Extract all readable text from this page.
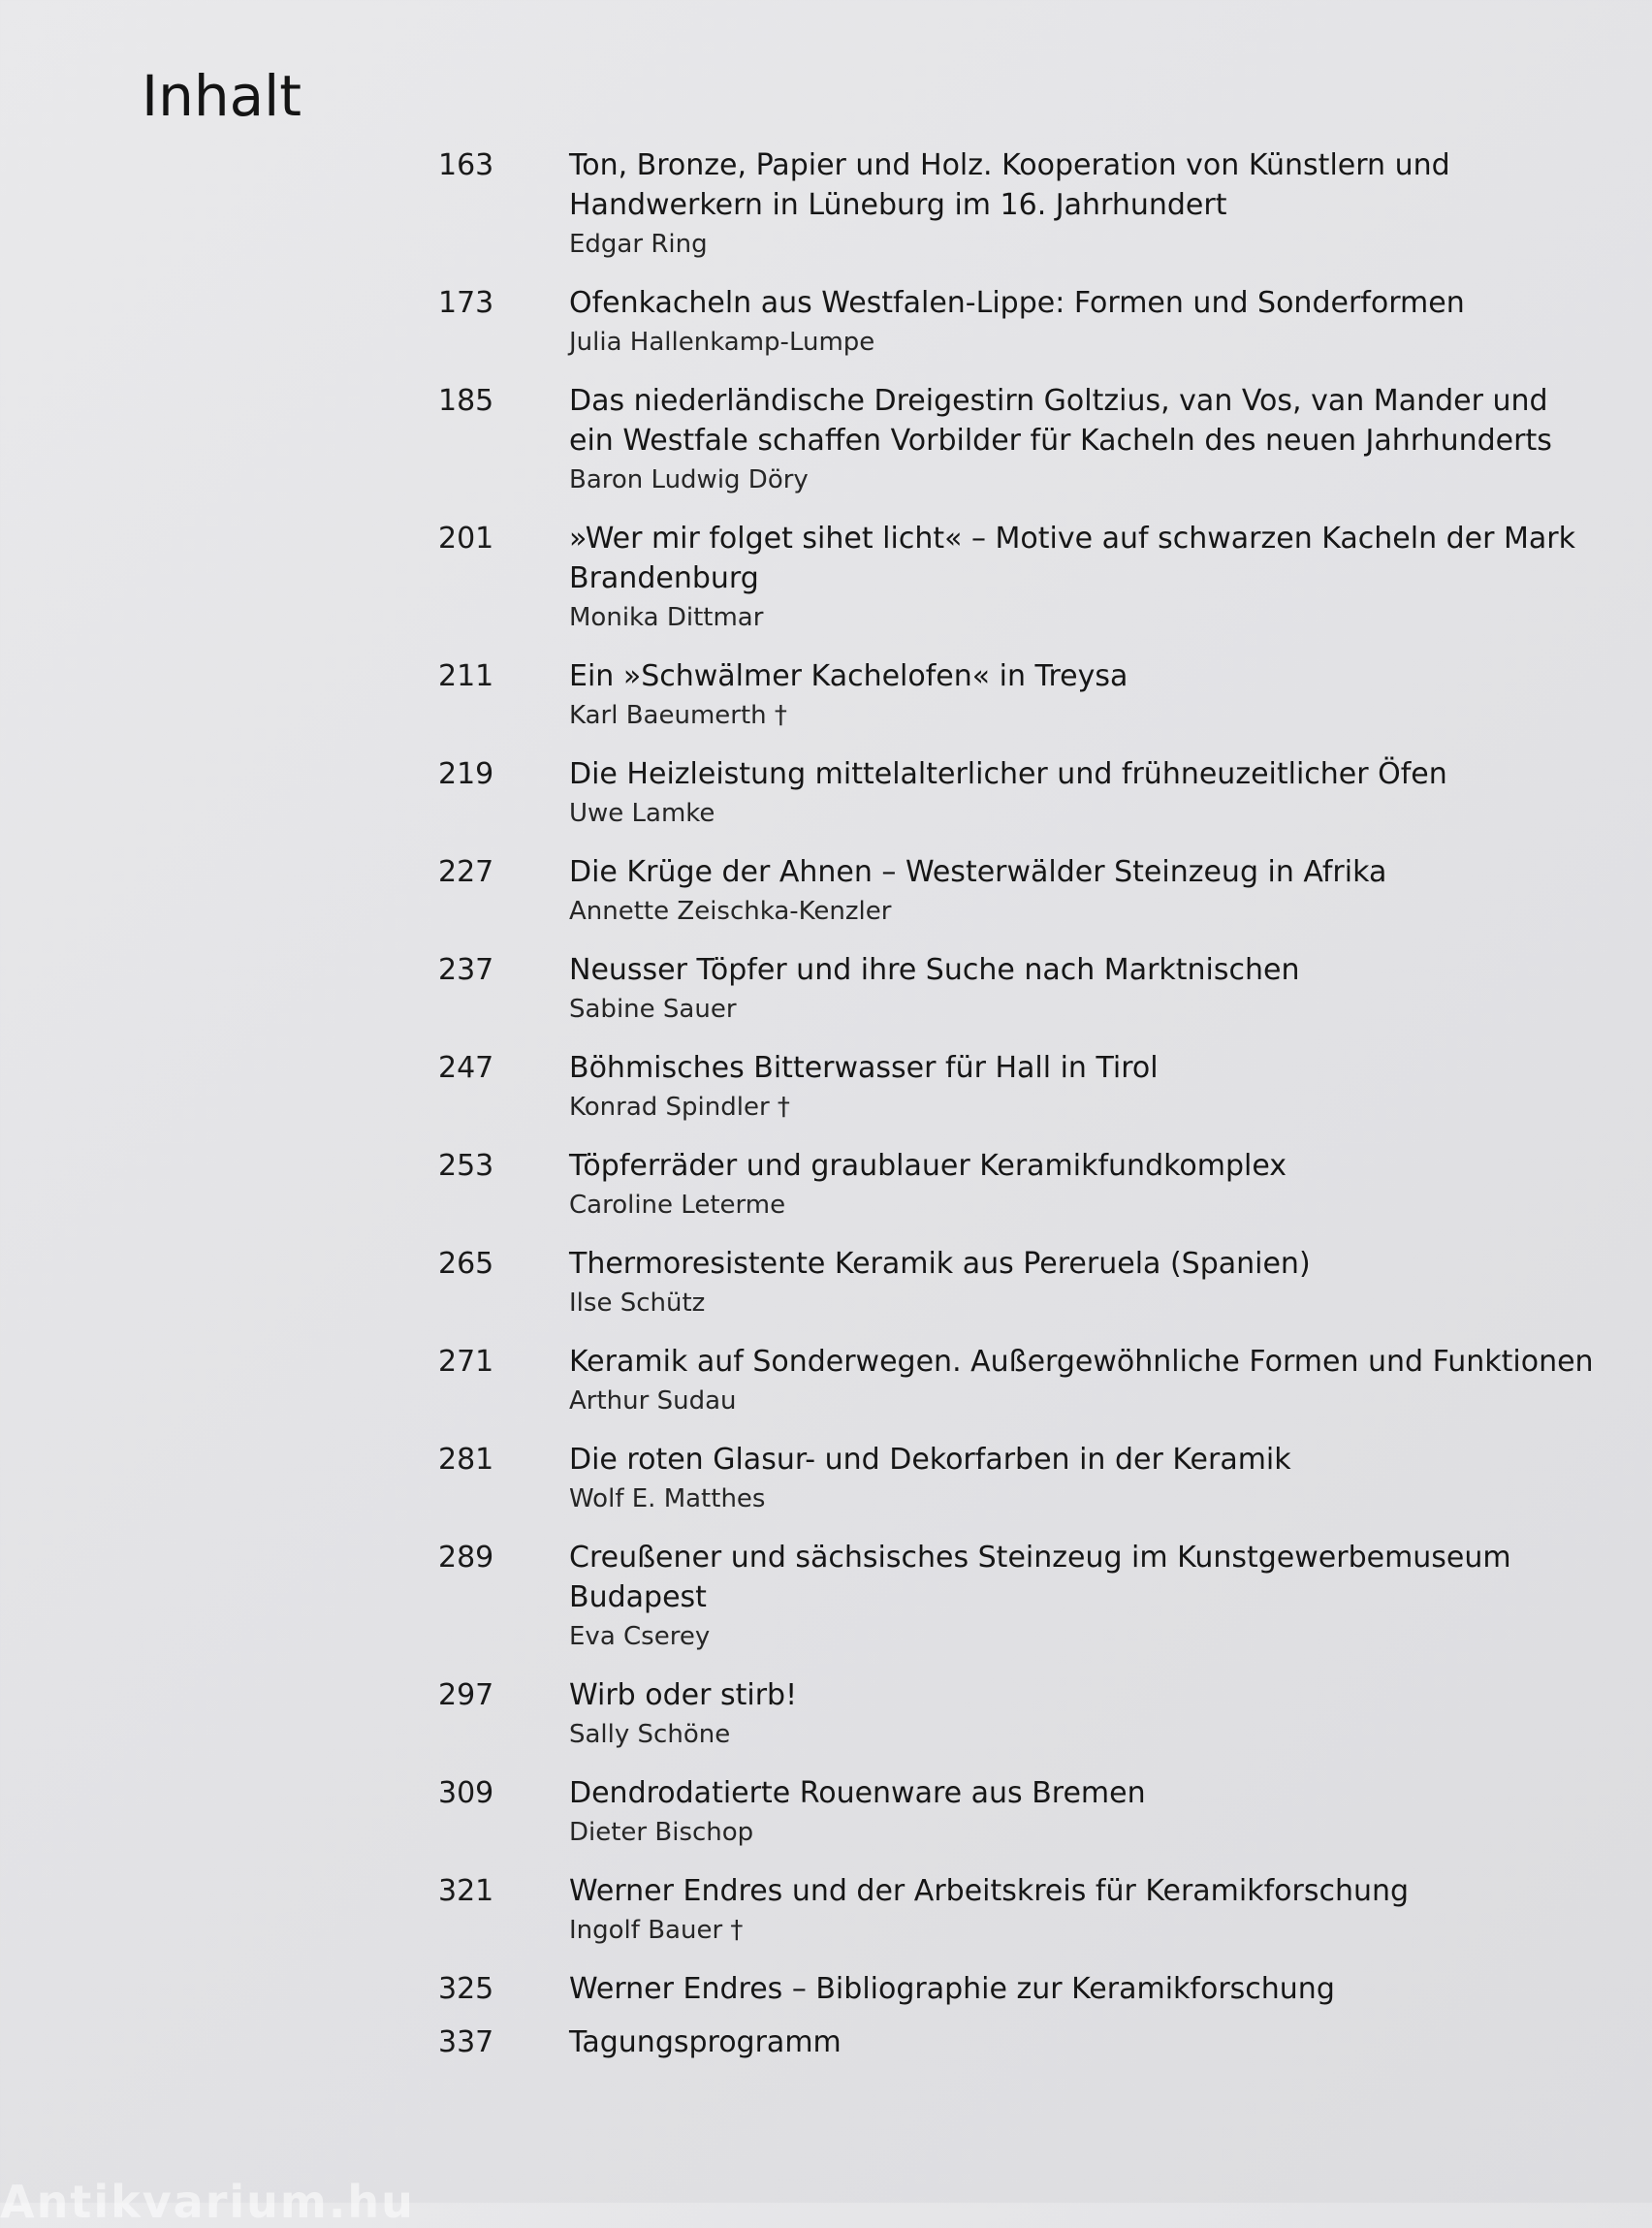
Inhalt
163	Ton, Bronze, Papier und Holz. Kooperation von Künstlern und
Handwerkern in Lüneburg im 16. Jahrhundert
Edgar Ring
173	Ofenkacheln aus Westfalen-Lippe: Formen und Sonderformen
Julia Hallenkamp-Lumpe
185	Das niederländische Dreigestirn Goltzius, van Vos, van Mander und
ein Westfale schaffen Vorbilder für Kacheln des neuen Jahrhunderts
Baron Ludwig Döry
201	»Wer mir folget sihet licht« – Motive auf schwarzen Kacheln der Mark
Brandenburg
Monika Dittmar
211	Ein »Schwälmer Kachelofen« in Treysa
Karl Baeumerth †
219	Die Heizleistung mittelalterlicher und frühneuzeitlicher Öfen
Uwe Lamke
227	Die Krüge der Ahnen – Westerwälder Steinzeug in Afrika
Annette Zeischka-Kenzler
237	Neusser Töpfer und ihre Suche nach Marktnischen
Sabine Sauer
247	Böhmisches Bitterwasser für Hall in Tirol
Konrad Spindler †
253	Töpferräder und graublauer Keramikfundkomplex
Caroline Leterme
265	Thermoresistente Keramik aus Pereruela (Spanien)
Ilse Schütz
271	Keramik auf Sonderwegen. Außergewöhnliche Formen und Funktionen
Arthur Sudau
281	Die roten Glasur- und Dekorfarben in der Keramik
Wolf E. Matthes
289	Creußener und sächsisches Steinzeug im Kunstgewerbemuseum
Budapest
Eva Cserey
297	Wirb oder stirb!
Sally Schöne
309	Dendrodatierte Rouenware aus Bremen
Dieter Bischop
321	Werner Endres und der Arbeitskreis für Keramikforschung
Ingolf Bauer †
325	Werner Endres – Bibliographie zur Keramikforschung
337	Tagungsprogramm
Antikvarium.hu
